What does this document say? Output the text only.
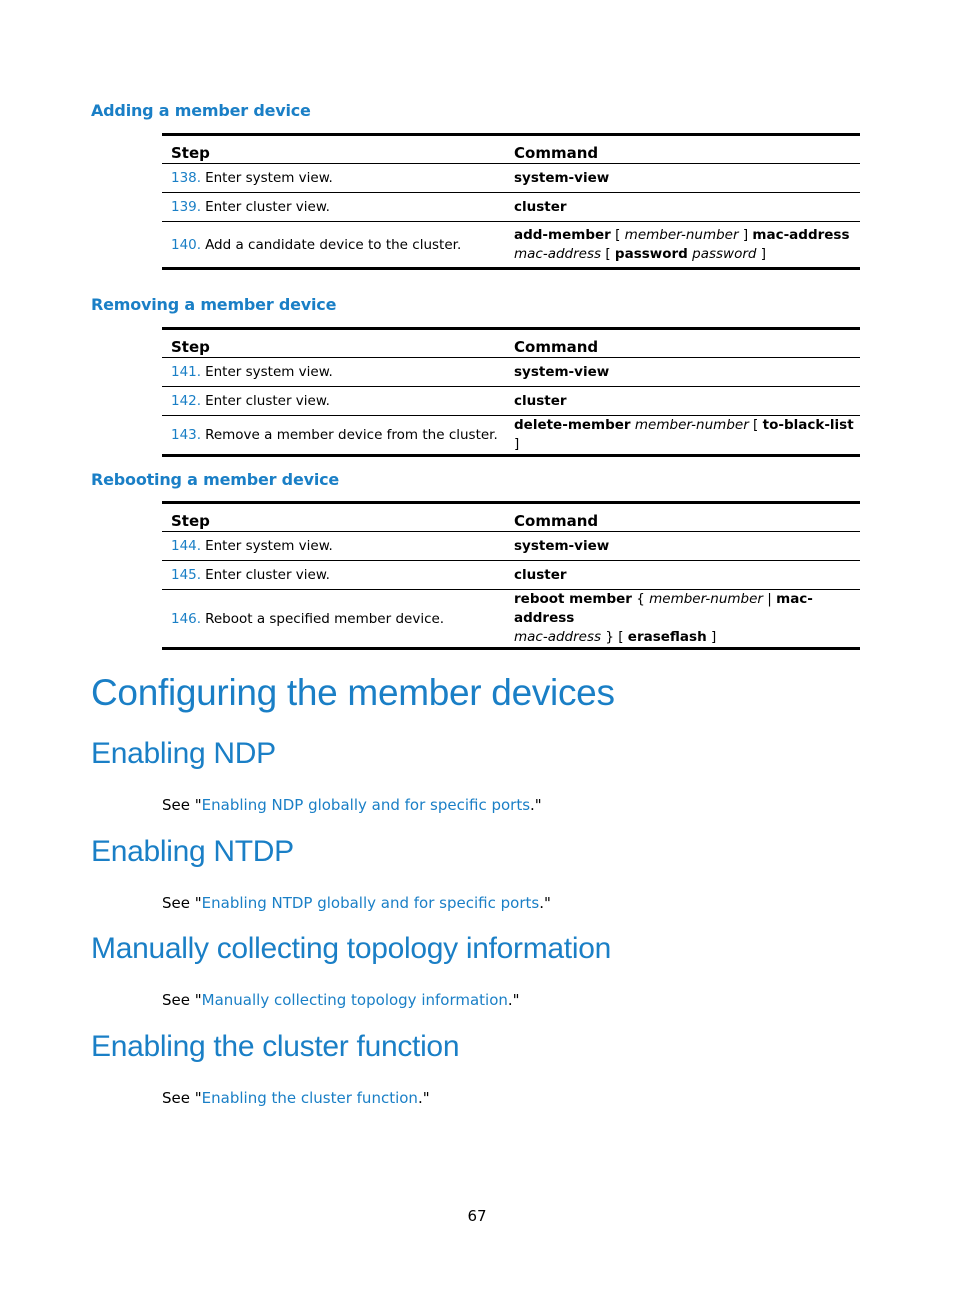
Adding a member device
Step	Command
138. Enter system view.	system-view
139. Enter cluster view.	cluster
140. Add a candidate device to the cluster.	add-member [ member-number ] mac-address
mac-address [ password password ]
Removing a member device
Step	Command
141. Enter system view.	system-view
142. Enter cluster view.	cluster
143. Remove a member device from the cluster.	delete-member member-number [ to-black-list ]
Rebooting a member device
Step	Command
144. Enter system view.	system-view
145. Enter cluster view.	cluster
146. Reboot a specified member device.	reboot member { member-number | mac-address
mac-address } [ eraseflash ]
Configuring the member devices
Enabling NDP

See "Enabling NDP globally and for specific ports."

Enabling NTDP

See "Enabling NTDP globally and for specific ports."

Manually collecting topology information

See "Manually collecting topology information."

Enabling the cluster function

See "Enabling the cluster function."

67
